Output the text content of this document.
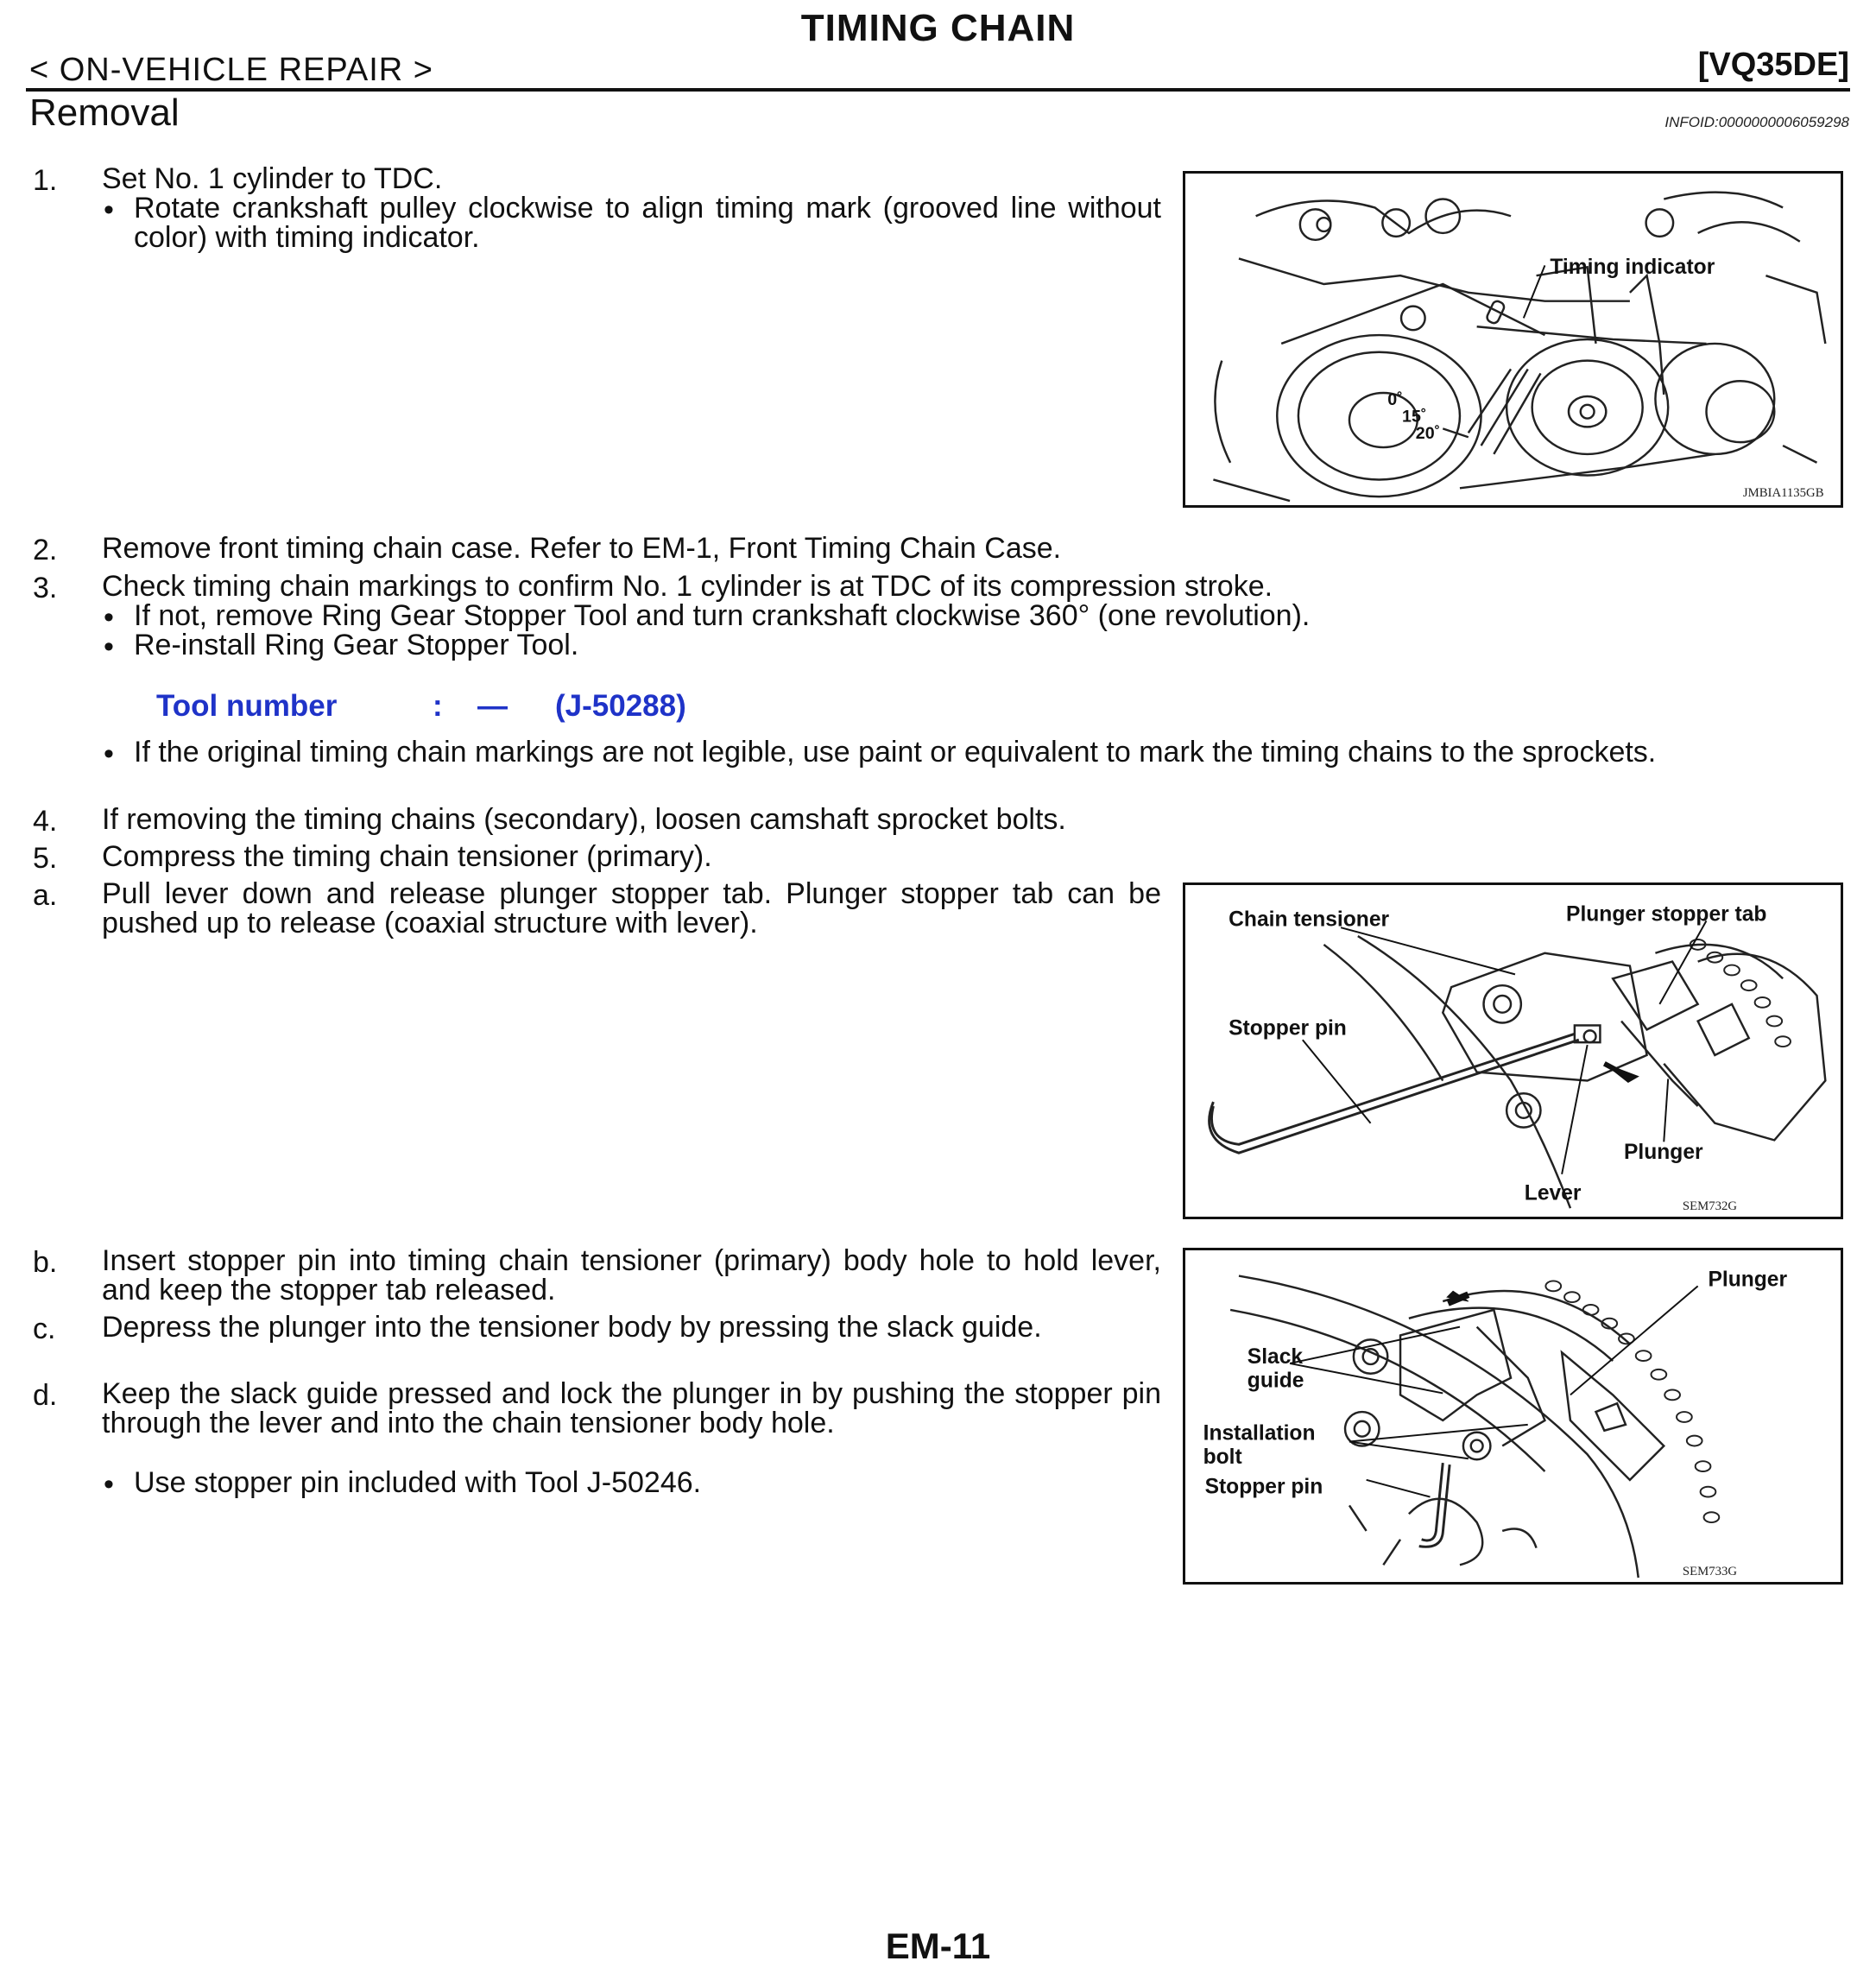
TIMING CHAIN
< ON-VEHICLE REPAIR >	[VQ35DE]
Removal	INFOID:0000000006059298
1. Set No. 1 cylinder to TDC.
• Rotate crankshaft pulley clockwise to align timing mark (grooved line without color) with timing indicator.
Timing indicator
0˚
15˚
20˚
JMBIA1135GB
2. Remove front timing chain case. Refer to EM-1, Front Timing Chain Case.
3. Check timing chain markings to confirm No. 1 cylinder is at TDC of its compression stroke.
• If not, remove Ring Gear Stopper Tool and turn crankshaft clockwise 360° (one revolution).
• Re-install Ring Gear Stopper Tool.
Tool number	: — (J-50288)
• If the original timing chain markings are not legible, use paint or equivalent to mark the timing chains to the sprockets.
4. If removing the timing chains (secondary), loosen camshaft sprocket bolts.
5. Compress the timing chain tensioner (primary).
a. Pull lever down and release plunger stopper tab. Plunger stopper tab can be pushed up to release (coaxial structure with lever).	Chain tensioner	Plunger stopper tab
Stopper pin
Plunger
Lever
SEM732G
b. Insert stopper pin into timing chain tensioner (primary) body hole to hold lever, and keep the stopper tab released.
c. Depress the plunger into the tensioner body by pressing the slack guide.
d. Keep the slack guide pressed and lock the plunger in by pushing the stopper pin through the lever and into the chain tensioner body hole.
• Use stopper pin included with Tool J-50246.
Plunger
Slack
guide
Installation
bolt
Stopper pin
SEM733G
EM-11
